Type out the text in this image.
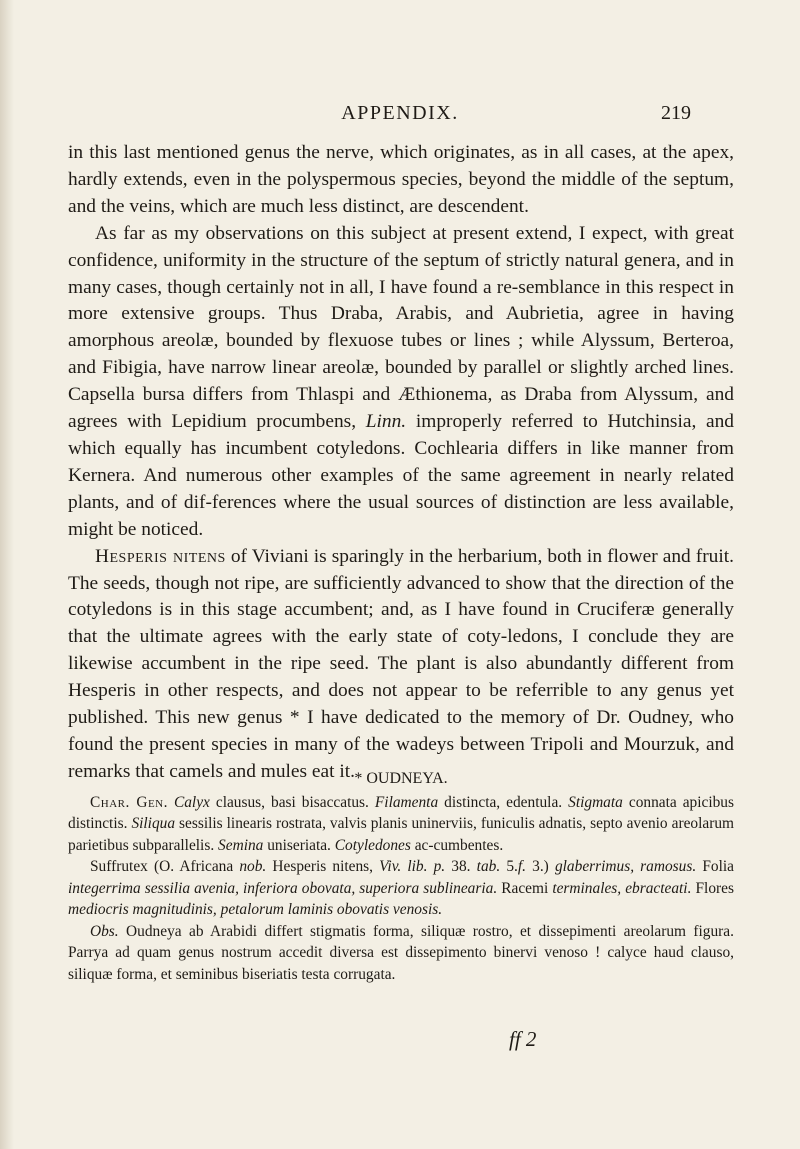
APPENDIX.	219

in this last mentioned genus the nerve, which originates, as in all cases, at the apex, hardly extends, even in the polyspermous species, beyond the middle of the septum, and the veins, which are much less distinct, are descendent.

As far as my observations on this subject at present extend, I expect, with great confidence, uniformity in the structure of the septum of strictly natural genera, and in many cases, though certainly not in all, I have found a re-semblance in this respect in more extensive groups. Thus Draba, Arabis, and Aubrietia, agree in having amorphous areolæ, bounded by flexuose tubes or lines ; while Alyssum, Berteroa, and Fibigia, have narrow linear areolæ, bounded by parallel or slightly arched lines. Capsella bursa differs from Thlaspi and Æthionema, as Draba from Alyssum, and agrees with Lepidium procumbens, Linn. improperly referred to Hutchinsia, and which equally has incumbent cotyledons. Cochlearia differs in like manner from Kernera. And numerous other examples of the same agreement in nearly related plants, and of dif-ferences where the usual sources of distinction are less available, might be noticed.

Hesperis nitens of Viviani is sparingly in the herbarium, both in flower and fruit. The seeds, though not ripe, are sufficiently advanced to show that the direction of the cotyledons is in this stage accumbent; and, as I have found in Cruciferæ generally that the ultimate agrees with the early state of coty-ledons, I conclude they are likewise accumbent in the ripe seed. The plant is also abundantly different from Hesperis in other respects, and does not appear to be referrible to any genus yet published. This new genus * I have dedicated to the memory of Dr. Oudney, who found the present species in many of the wadeys between Tripoli and Mourzuk, and remarks that camels and mules eat it. * OUDNEYA.

Char. Gen. Calyx clausus, basi bisaccatus. Filamenta distincta, edentula. Stigmata connata apicibus distinctis. Siliqua sessilis linearis rostrata, valvis planis uninerviis, funiculis adnatis, septo avenio areolarum parietibus subparallelis. Semina uniseriata. Cotyledones ac-cumbentes.

Suffrutex (O. Africana nob. Hesperis nitens, Viv. lib. p. 38. tab. 5.f. 3.) glaberrimus, ramosus. Folia integerrima sessilia avenia, inferiora obovata, superiora sublinearia. Racemi terminales, ebracteati. Flores mediocris magnitudinis, petalorum laminis obovatis venosis.

Obs. Oudneya ab Arabidi differt stigmatis forma, siliquæ rostro, et dissepimenti areolarum figura. Parrya ad quam genus nostrum accedit diversa est dissepimento binervi venoso ! calyce haud clauso, siliquæ forma, et seminibus biseriatis testa corrugata.

ff 2
